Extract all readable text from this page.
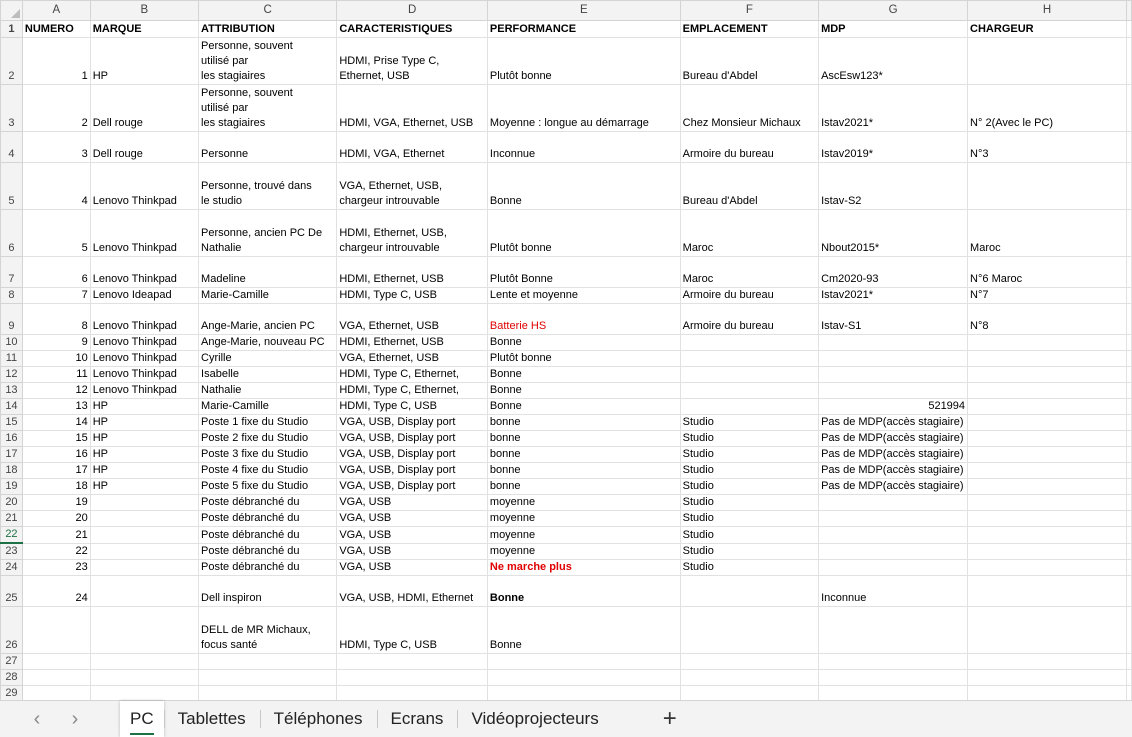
	A	B	C	D	E	F	G	H	
1	NUMERO	MARQUE	ATTRIBUTION	CARACTERISTIQUES	PERFORMANCE	EMPLACEMENT	MDP	CHARGEUR	
2	1	HP	Personne, souvent
utilisé par
les stagiaires	HDMI, Prise Type C,
Ethernet, USB	Plutôt bonne	Bureau d'Abdel	AscEsw123*		
3	2	Dell rouge	Personne, souvent
utilisé par
les stagiaires	HDMI, VGA, Ethernet, USB	Moyenne : longue au démarrage	Chez Monsieur Michaux	Istav2021*	N° 2(Avec le PC)	
4	3	Dell rouge	Personne	HDMI, VGA, Ethernet	Inconnue	Armoire du bureau	Istav2019*	N°3	
5	4	Lenovo Thinkpad	Personne, trouvé dans
le studio	VGA, Ethernet, USB,
chargeur introuvable	Bonne	Bureau d'Abdel	Istav-S2		
6	5	Lenovo Thinkpad	Personne, ancien PC De
Nathalie	HDMI, Ethernet, USB,
chargeur introuvable	Plutôt bonne	Maroc	Nbout2015*	Maroc	
7	6	Lenovo Thinkpad	Madeline	HDMI, Ethernet, USB	Plutôt Bonne	Maroc	Cm2020-93	N°6 Maroc	
8	7	Lenovo Ideapad	Marie-Camille	HDMI, Type C, USB	Lente et moyenne	Armoire du bureau	Istav2021*	N°7	
9	8	Lenovo Thinkpad	Ange-Marie, ancien PC	VGA, Ethernet, USB	Batterie HS	Armoire du bureau	Istav-S1	N°8	
10	9	Lenovo Thinkpad	Ange-Marie, nouveau PC	HDMI, Ethernet, USB	Bonne				
11	10	Lenovo Thinkpad	Cyrille	VGA, Ethernet, USB	Plutôt bonne				
12	11	Lenovo Thinkpad	Isabelle	HDMI, Type C, Ethernet,	Bonne				
13	12	Lenovo Thinkpad	Nathalie	HDMI, Type C, Ethernet,	Bonne				
14	13	HP	Marie-Camille	HDMI, Type C, USB	Bonne		521994		
15	14	HP	Poste 1 fixe du Studio	VGA, USB, Display port	bonne	Studio	Pas de MDP(accès stagiaire)		
16	15	HP	Poste 2 fixe du Studio	VGA, USB, Display port	bonne	Studio	Pas de MDP(accès stagiaire)		
17	16	HP	Poste 3 fixe du Studio	VGA, USB, Display port	bonne	Studio	Pas de MDP(accès stagiaire)		
18	17	HP	Poste 4 fixe du Studio	VGA, USB, Display port	bonne	Studio	Pas de MDP(accès stagiaire)		
19	18	HP	Poste 5 fixe du Studio	VGA, USB, Display port	bonne	Studio	Pas de MDP(accès stagiaire)		
20	19		Poste débranché du	VGA, USB	moyenne	Studio			
21	20		Poste débranché du	VGA, USB	moyenne	Studio			
22	21		Poste débranché du	VGA, USB	moyenne	Studio			
23	22		Poste débranché du	VGA, USB	moyenne	Studio			
24	23		Poste débranché du	VGA, USB	Ne marche plus	Studio			
25	24		Dell inspiron	VGA, USB, HDMI, Ethernet	Bonne		Inconnue		
26			DELL de MR Michaux,
focus santé	HDMI, Type C, USB	Bonne				
27									
28									
29									
‹	›	PC	Tablettes	Téléphones	Ecrans	Vidéoprojecteurs	+
